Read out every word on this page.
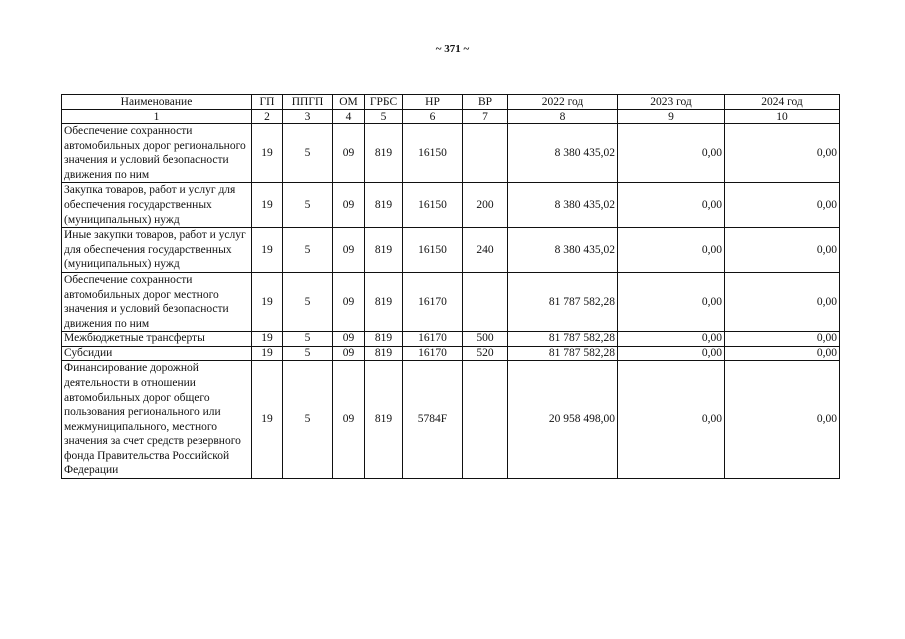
~ 371 ~
Наименование	ГП	ППГП	ОМ	ГРБС	НР	ВР	2022 год	2023 год	2024 год
1	2	3	4	5	6	7	8	9	10
Обеспечение сохранности автомобильных дорог регионального значения и условий безопасности движения по ним	19	5	09	819	16150		8 380 435,02	0,00	0,00
Закупка товаров, работ и услуг для обеспечения государственных (муниципальных) нужд	19	5	09	819	16150	200	8 380 435,02	0,00	0,00
Иные закупки товаров, работ и услуг для обеспечения государственных (муниципальных) нужд	19	5	09	819	16150	240	8 380 435,02	0,00	0,00
Обеспечение сохранности автомобильных дорог местного значения и условий безопасности движения по ним	19	5	09	819	16170		81 787 582,28	0,00	0,00
Межбюджетные трансферты	19	5	09	819	16170	500	81 787 582,28	0,00	0,00
Субсидии	19	5	09	819	16170	520	81 787 582,28	0,00	0,00
Финансирование дорожной деятельности в отношении автомобильных дорог общего пользования регионального или межмуниципального, местного значения за счет средств резервного фонда Правительства Российской Федерации	19	5	09	819	5784F		20 958 498,00	0,00	0,00
